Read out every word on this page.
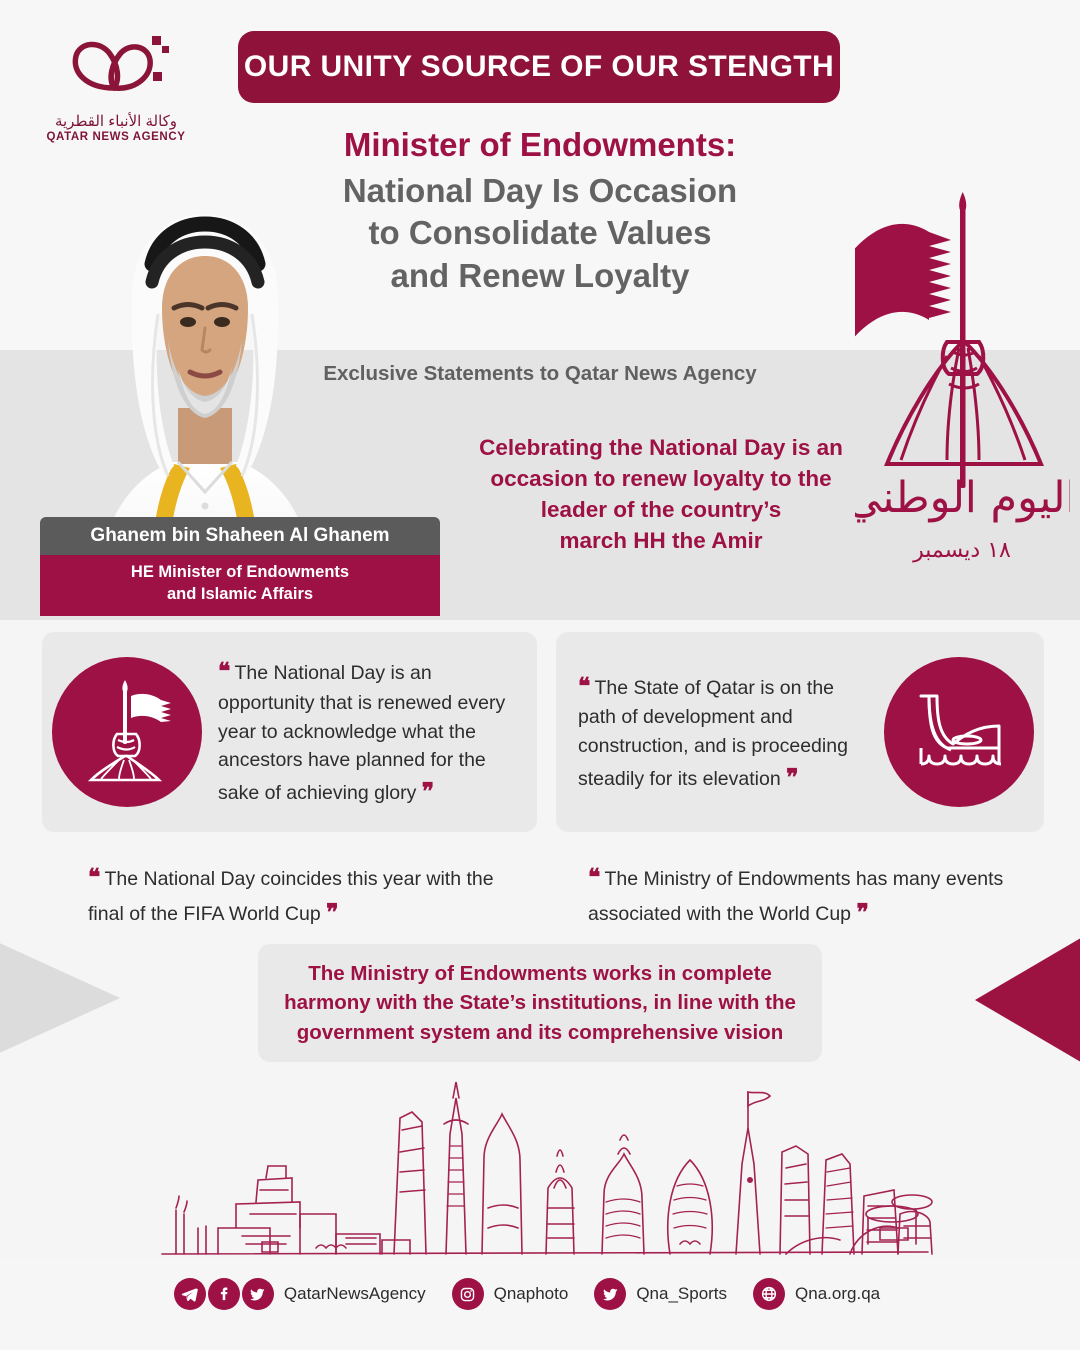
وكالة الأنباء القطرية
QATAR NEWS AGENCY
OUR UNITY SOURCE OF OUR STENGTH
Minister of Endowments:
National Day Is Occasion
to Consolidate Values
and Renew Loyalty
Exclusive Statements to Qatar News Agency
Ghanem bin Shaheen Al Ghanem
HE Minister of Endowments
and Islamic Affairs
Celebrating the National Day is an
occasion to renew loyalty to the
leader of the country’s
march HH the Amir
اليوم الوطني
١٨ ديسمبر
❝ The National Day is an opportunity that is renewed every year to acknowledge what the ancestors have planned for the sake of achieving glory ❞
❝ The State of Qatar is on the path of development and construction, and is proceeding steadily for its elevation ❞
❝ The National Day coincides this year with the final of the FIFA World Cup ❞
❝ The Ministry of Endowments has many events associated with the World Cup ❞
The Ministry of Endowments works in complete harmony with the State’s institutions, in line with the government system and its comprehensive vision
QatarNewsAgency	Qnaphoto	Qna_Sports	Qna.org.qa
